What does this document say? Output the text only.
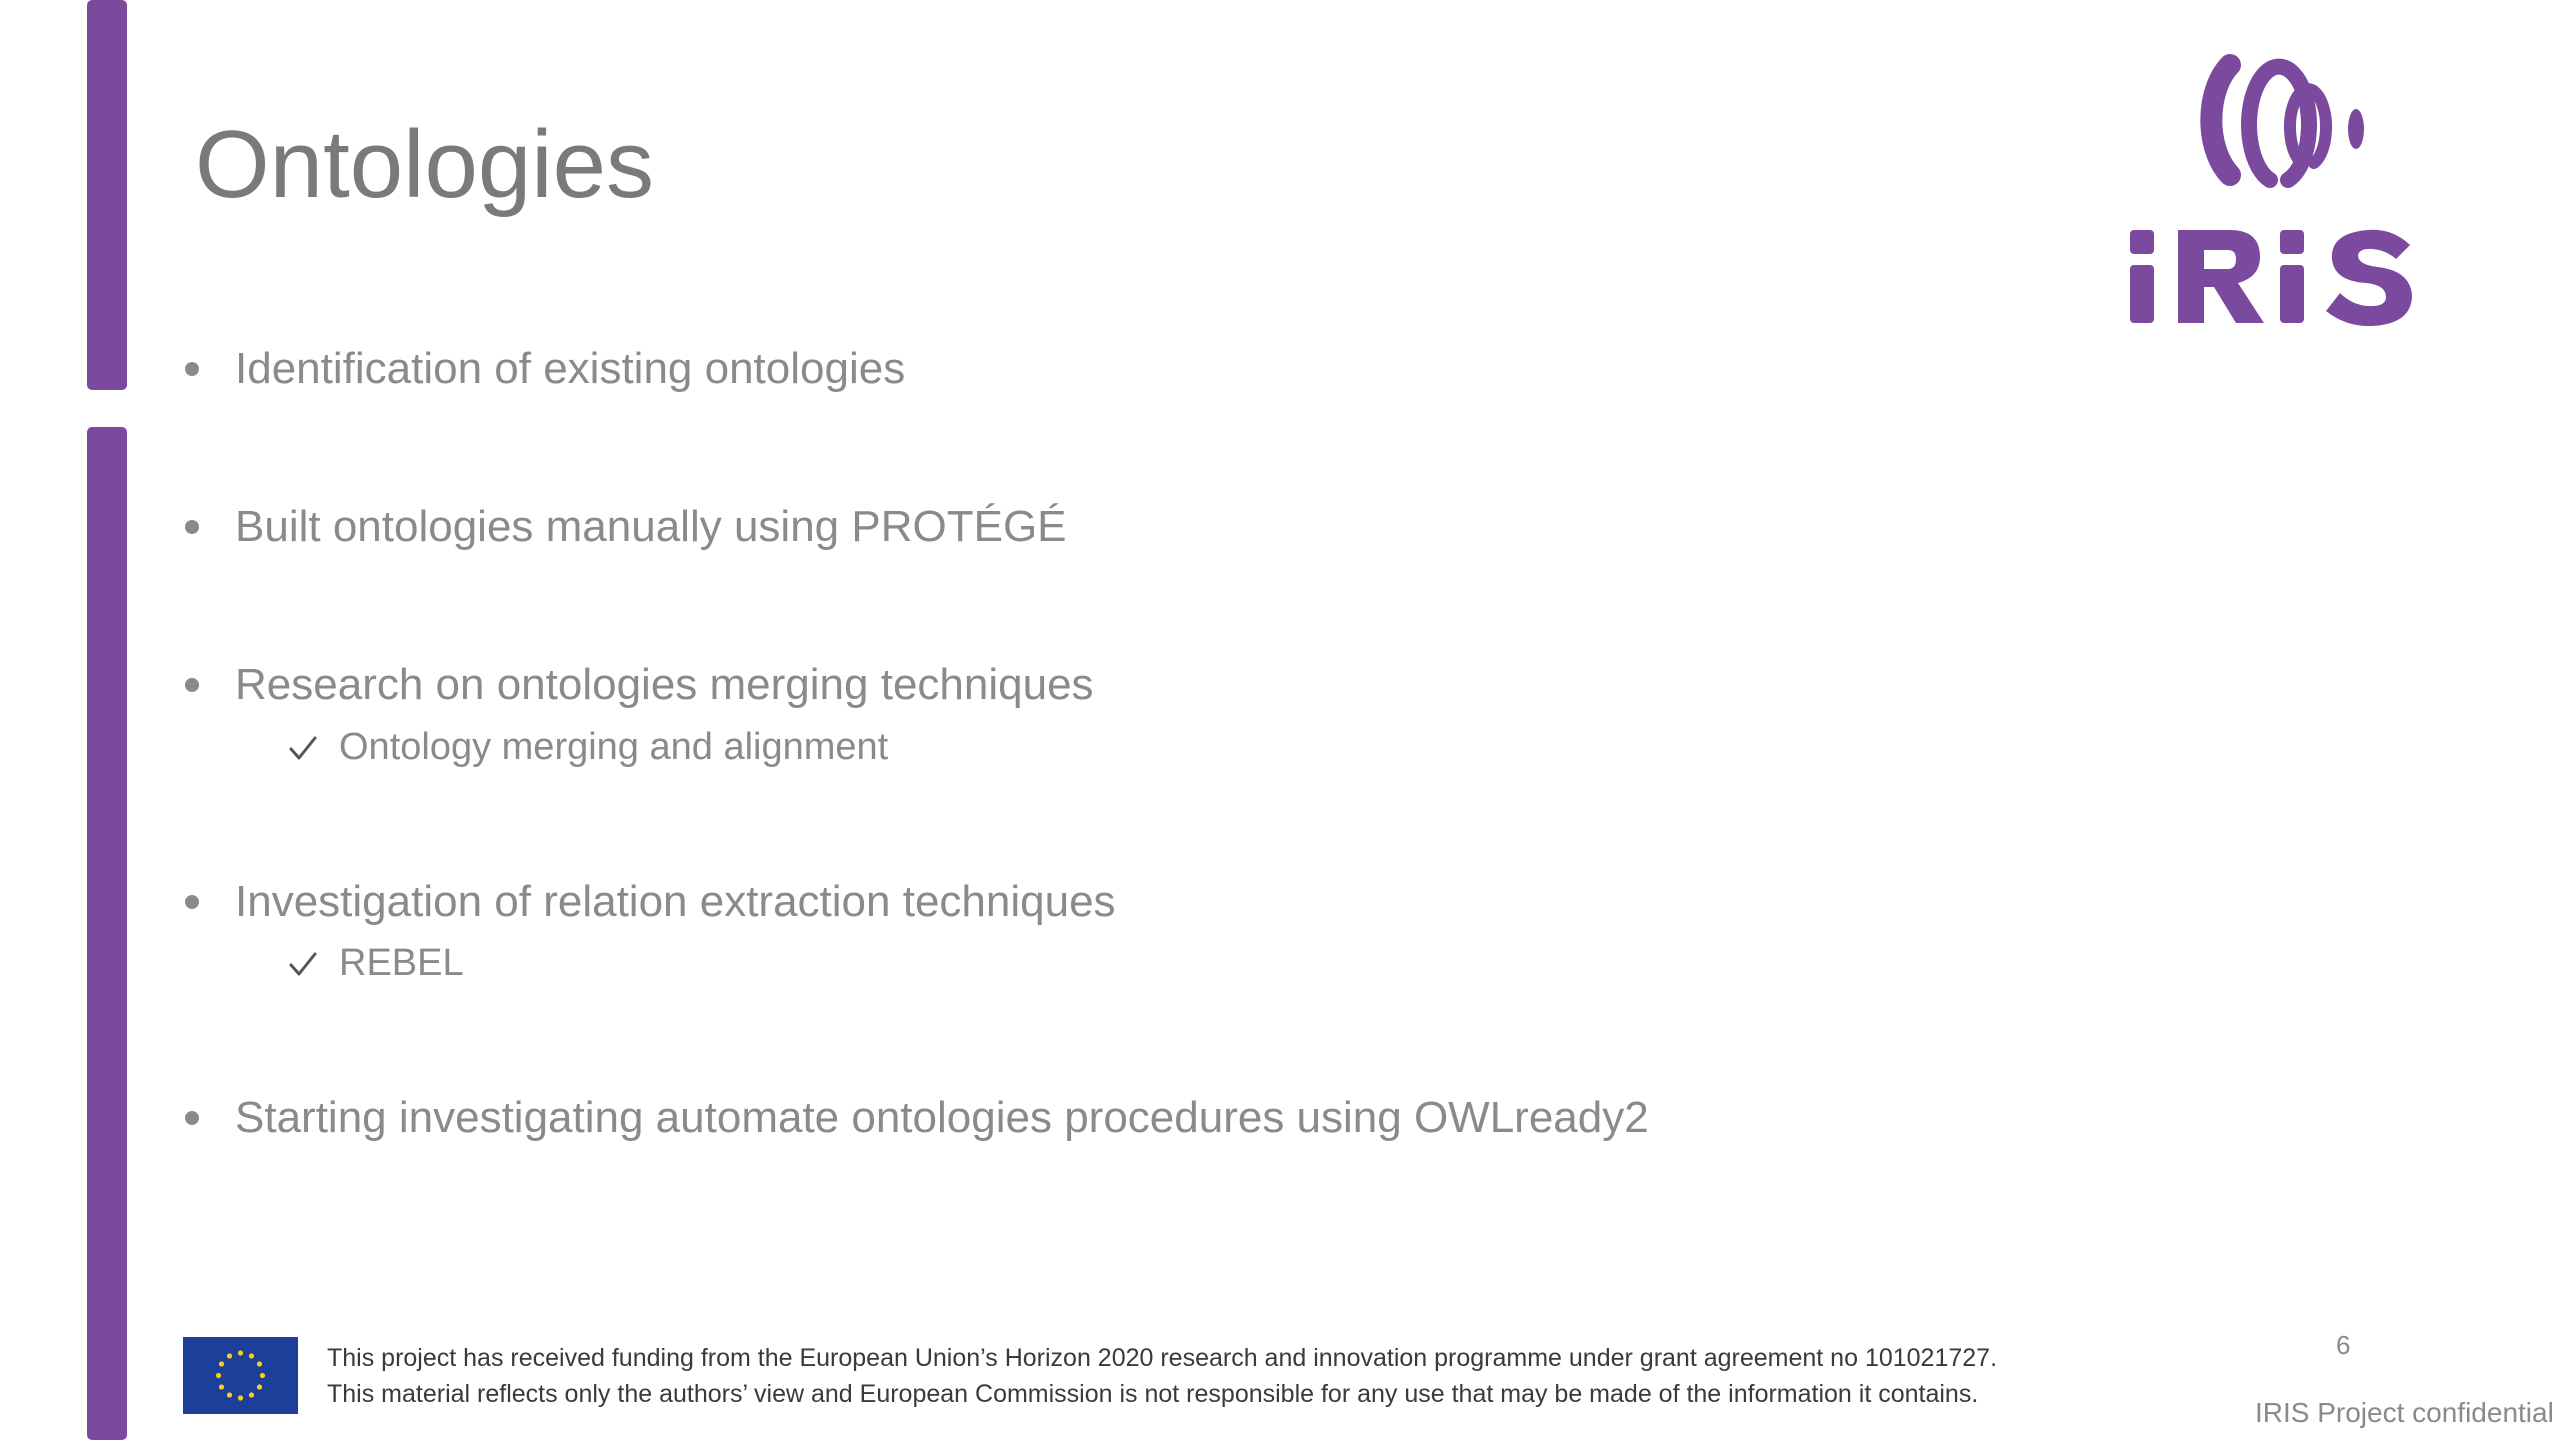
Ontologies
Identification of existing ontologies
Built ontologies manually using PROTÉGÉ
Research on ontologies merging techniques
Ontology merging and alignment
Investigation of relation extraction techniques
REBEL
Starting investigating automate ontologies procedures using OWLready2
This project has received funding from the European Union’s Horizon 2020 research and innovation programme under grant agreement no 101021727.
This material reflects only the authors’ view and European Commission is not responsible for any use that may be made of the information it contains.
6
IRIS Project confidential
